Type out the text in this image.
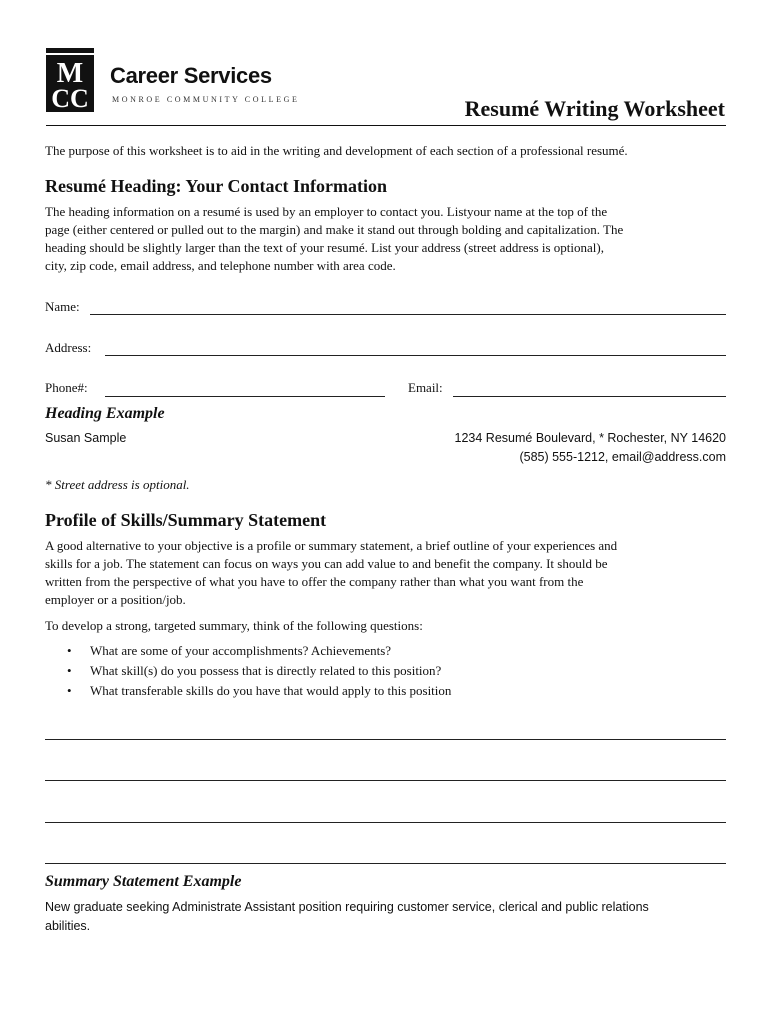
M
CC
Career Services
MONROE COMMUNITY COLLEGE	Resumé Writing Worksheet
The purpose of this worksheet is to aid in the writing and development of each section of a professional resumé.
Resumé Heading: Your Contact Information
The heading information on a resumé is used by an employer to contact you. Listyour name at the top of the
page (either centered or pulled out to the margin) and make it stand out through bolding and capitalization. The
heading should be slightly larger than the text of your resumé. List your address (street address is optional),
city, zip code, email address, and telephone number with area code.
Name:
Address:
Phone#:	Email:
Heading Example
Susan Sample	1234 Resumé Boulevard, * Rochester, NY 14620
(585) 555-1212, email@address.com
* Street address is optional.
Profile of Skills/Summary Statement
A good alternative to your objective is a profile or summary statement, a brief outline of your experiences and
skills for a job. The statement can focus on ways you can add value to and benefit the company. It should be
written from the perspective of what you have to offer the company rather than what you want from the
employer or a position/job.
To develop a strong, targeted summary, think of the following questions:
• What are some of your accomplishments? Achievements?
• What skill(s) do you possess that is directly related to this position?
• What transferable skills do you have that would apply to this position
Summary Statement Example
New graduate seeking Administrate Assistant position requiring customer service, clerical and public relations
abilities.
